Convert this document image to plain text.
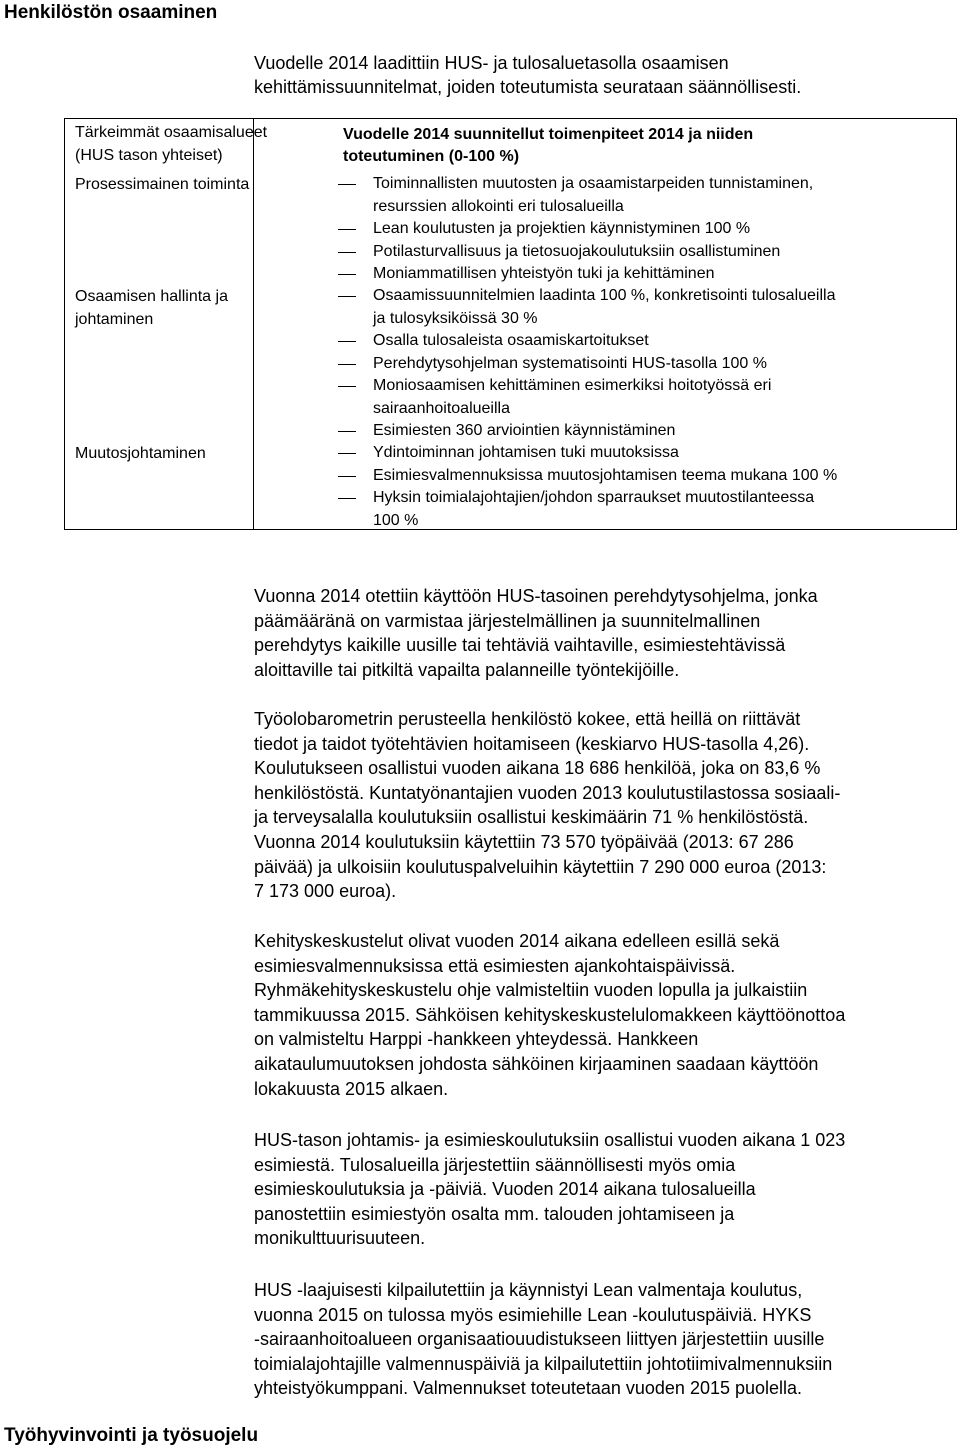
Henkilöstön osaaminen
Vuodelle 2014 laadittiin HUS- ja tulosaluetasolla osaamisen
kehittämissuunnitelmat, joiden toteutumista seurataan säännöllisesti.
Tärkeimmät osaamisalueet
(HUS tason yhteiset)
Prosessimainen toiminta
Osaamisen hallinta ja
johtaminen
Muutosjohtaminen
Vuodelle 2014 suunnitellut toimenpiteet 2014 ja niiden
toteutuminen (0-100 %)
Toiminnallisten muutosten ja osaamistarpeiden tunnistaminen,
resurssien allokointi eri tulosalueilla
Lean koulutusten ja projektien käynnistyminen 100 %
Potilasturvallisuus ja tietosuojakoulutuksiin osallistuminen
Moniammatillisen yhteistyön tuki ja kehittäminen
Osaamissuunnitelmien laadinta 100 %, konkretisointi tulosalueilla
ja tulosyksiköissä 30 %
Osalla tulosaleista osaamiskartoitukset
Perehdytysohjelman systematisointi HUS-tasolla 100 %
Moniosaamisen kehittäminen esimerkiksi hoitotyössä eri
sairaanhoitoalueilla
Esimiesten 360 arviointien käynnistäminen
Ydintoiminnan johtamisen tuki muutoksissa
Esimiesvalmennuksissa muutosjohtamisen teema mukana 100 %
Hyksin toimialajohtajien/johdon sparraukset muutostilanteessa
100 %
Vuonna 2014 otettiin käyttöön HUS-tasoinen perehdytysohjelma, jonka
päämääränä on varmistaa järjestelmällinen ja suunnitelmallinen
perehdytys kaikille uusille tai tehtäviä vaihtaville, esimiestehtävissä
aloittaville tai pitkiltä vapailta palanneille työntekijöille.
Työolobarometrin perusteella henkilöstö kokee, että heillä on riittävät
tiedot ja taidot työtehtävien hoitamiseen (keskiarvo HUS-tasolla 4,26).
Koulutukseen osallistui vuoden aikana 18 686 henkilöä, joka on 83,6 %
henkilöstöstä. Kuntatyönantajien vuoden 2013 koulutustilastossa sosiaali-
ja terveysalalla koulutuksiin osallistui keskimäärin 71 % henkilöstöstä.
Vuonna 2014 koulutuksiin käytettiin 73 570 työpäivää (2013: 67 286
päivää) ja ulkoisiin koulutuspalveluihin käytettiin 7 290 000 euroa (2013:
7 173 000 euroa).
Kehityskeskustelut olivat vuoden 2014 aikana edelleen esillä sekä
esimiesvalmennuksissa että esimiesten ajankohtaispäivissä.
Ryhmäkehityskeskustelu ohje valmisteltiin vuoden lopulla ja julkaistiin
tammikuussa 2015. Sähköisen kehityskeskustelulomakkeen käyttöönottoa
on valmisteltu Harppi -hankkeen yhteydessä. Hankkeen
aikataulumuutoksen johdosta sähköinen kirjaaminen saadaan käyttöön
lokakuusta 2015 alkaen.
HUS-tason johtamis- ja esimieskoulutuksiin osallistui vuoden aikana 1 023
esimiestä. Tulosalueilla järjestettiin säännöllisesti myös omia
esimieskoulutuksia ja -päiviä. Vuoden 2014 aikana tulosalueilla
panostettiin esimiestyön osalta mm. talouden johtamiseen ja
monikulttuurisuuteen.
HUS -laajuisesti kilpailutettiin ja käynnistyi Lean valmentaja koulutus,
vuonna 2015 on tulossa myös esimiehille Lean -koulutuspäiviä. HYKS
-sairaanhoitoalueen organisaatiouudistukseen liittyen järjestettiin uusille
toimialajohtajille valmennuspäiviä ja kilpailutettiin johtotiimivalmennuksiin
yhteistyökumppani. Valmennukset toteutetaan vuoden 2015 puolella.
Työhyvinvointi ja työsuojelu
